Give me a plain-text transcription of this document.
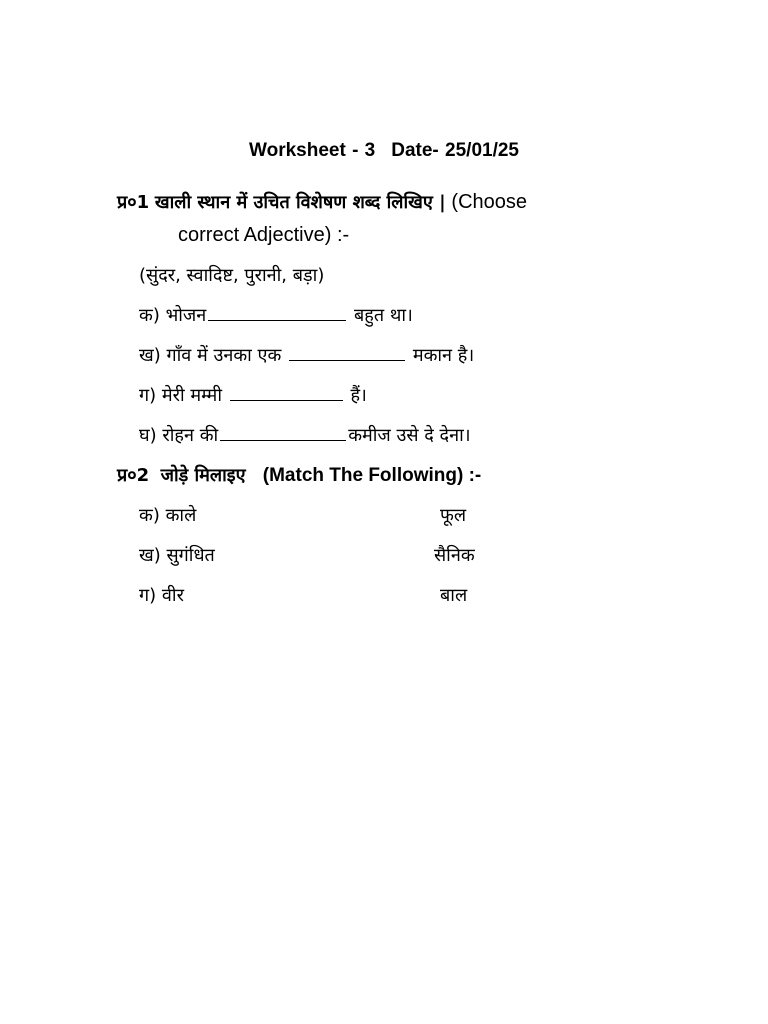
Worksheet - 3 Date- 25/01/25
प्र०1 खाली स्थान में उचित विशेषण शब्द लिखिए | (Choose
correct Adjective) :-
(सुंदर, स्वादिष्ट, पुरानी, बड़ा)
क) भोजन	बहुत था।
ख) गाँव में उनका एक	मकान है।
ग) मेरी मम्मी	हैं।
घ) रोहन की	कमीज उसे दे देना।
प्र०2 जोड़े मिलाइए (Match The Following) :-
क) काले	फूल
ख) सुगंधित	सैनिक
ग) वीर	बाल
